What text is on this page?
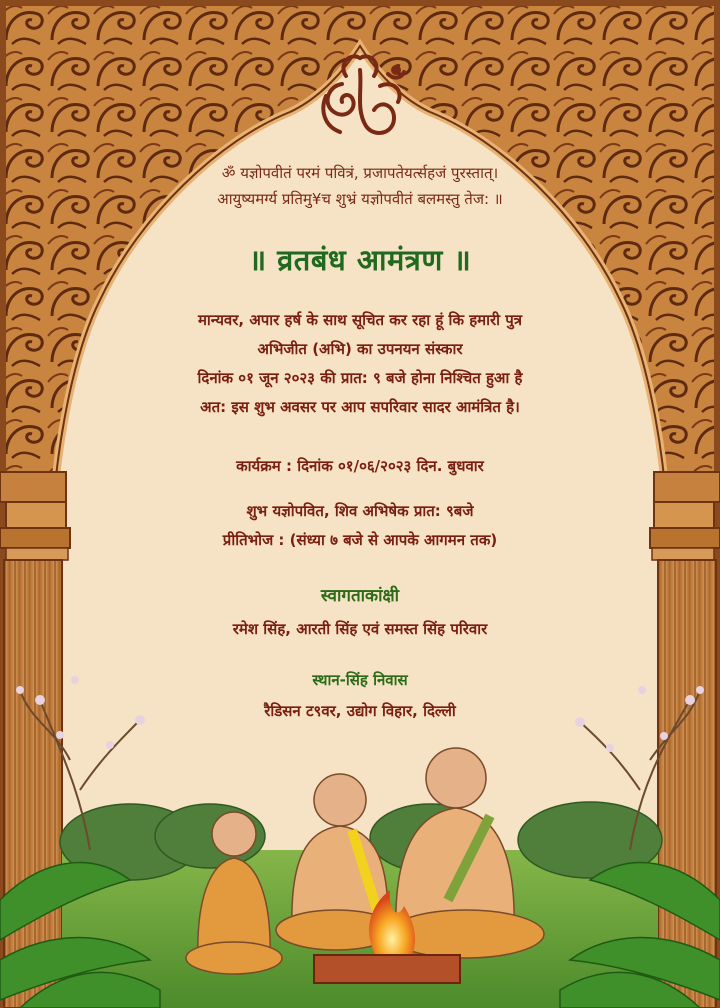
ॐ यज्ञोपवीतं परमं पवित्रं, प्रजापतेयर्त्सहजं पुरस्तात्।
आयुष्यमर्ग्य प्रतिमु¥च शुभ्रं यज्ञोपवीतं बलमस्तु तेज: ॥
॥ व्रतबंध आमंत्रण ॥
मान्यवर, अपार हर्ष के साथ सूचित कर रहा हूं कि हमारी पुत्र
अभिजीत (अभि) का उपनयन संस्कार
दिनांक ०१ जून २०२३ की प्रात: ९ बजे होना निश्चित हुआ है
अत: इस शुभ अवसर पर आप सपरिवार सादर आमंत्रित है।
कार्यक्रम : दिनांक ०१/०६/२०२३ दिन. बुधवार
शुभ यज्ञोपवित, शिव अभिषेक प्रात: ९बजे
प्रीतिभोज : (संध्या ७ बजे से आपके आगमन तक)
स्वागताकांक्षी
रमेश सिंह, आरती सिंह एवं समस्त सिंह परिवार
स्थान-सिंह निवास
रैडिसन ट९वर, उद्योग विहार, दिल्ली
